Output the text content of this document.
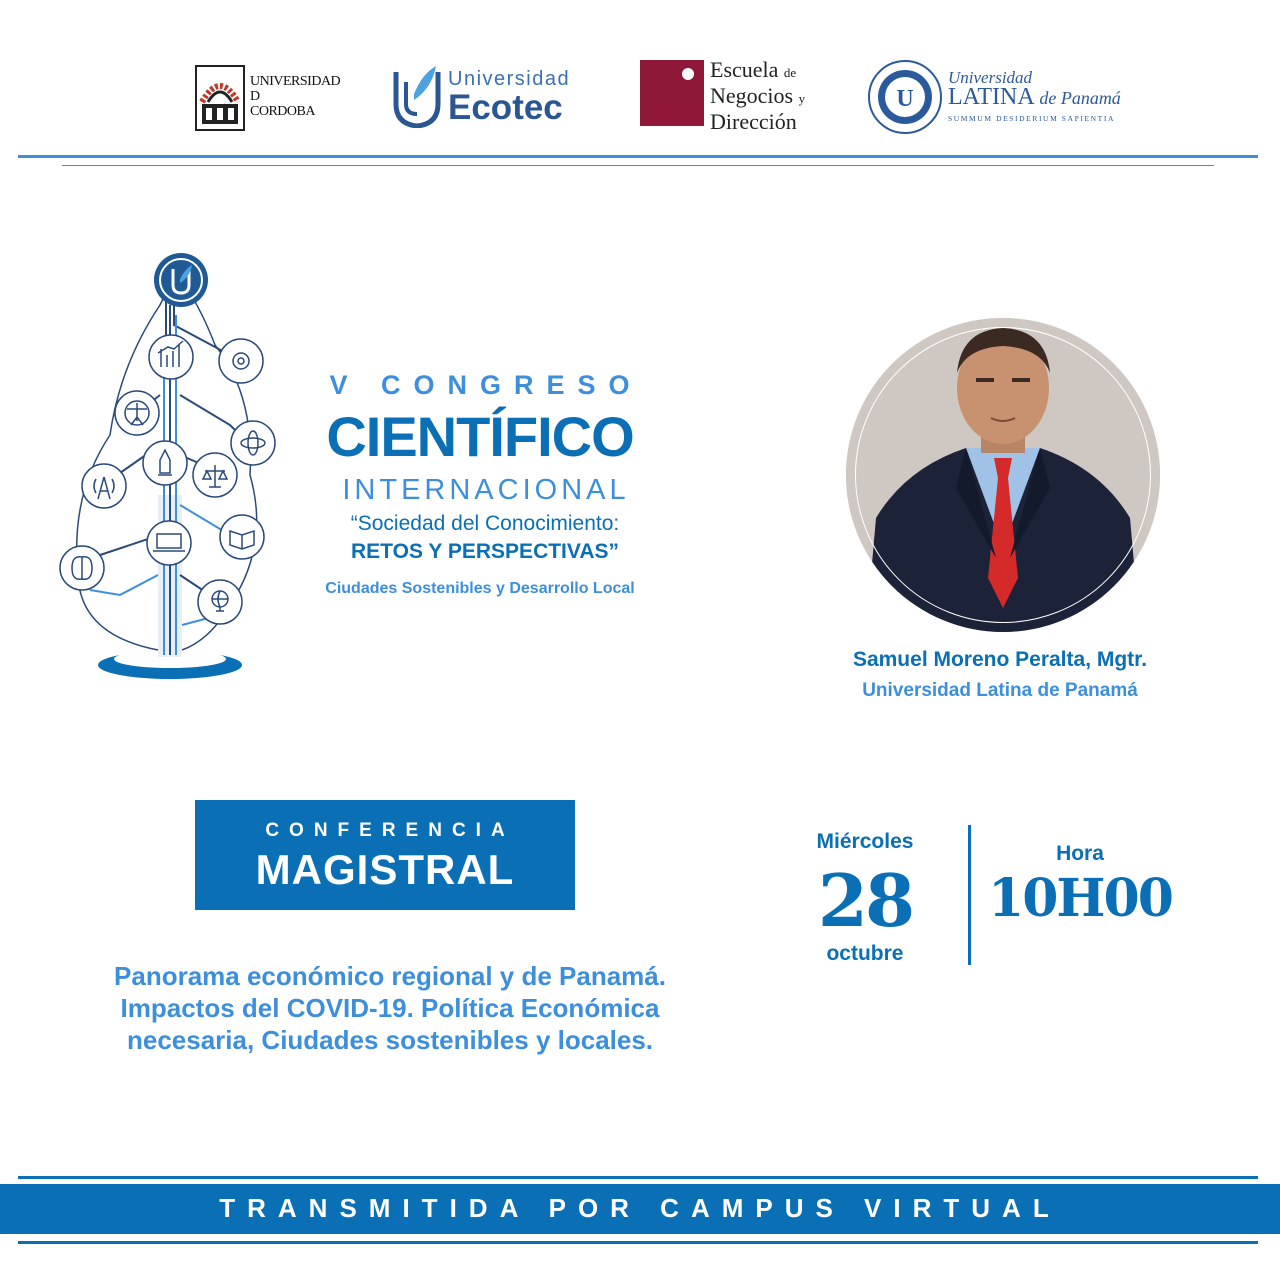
UNIVERSIDAD
D
CORDOBA
Universidad
Ecotec
Escuela de
Negocios y
Dirección
U
Universidad
LATINA de Panamá
SUMMUM DESIDERIUM SAPIENTIA
V CONGRESO
CIENTÍFICO
INTERNACIONAL
“Sociedad del Conocimiento:
RETOS Y PERSPECTIVAS”
Ciudades Sostenibles y Desarrollo Local
Samuel Moreno Peralta, Mgtr.
Universidad Latina de Panamá
CONFERENCIA
MAGISTRAL
Panorama económico regional y de Panamá.
Impactos del COVID-19. Política Económica
necesaria, Ciudades sostenibles y locales.
Miércoles
28
octubre
Hora
10H00
TRANSMITIDA POR CAMPUS VIRTUAL
